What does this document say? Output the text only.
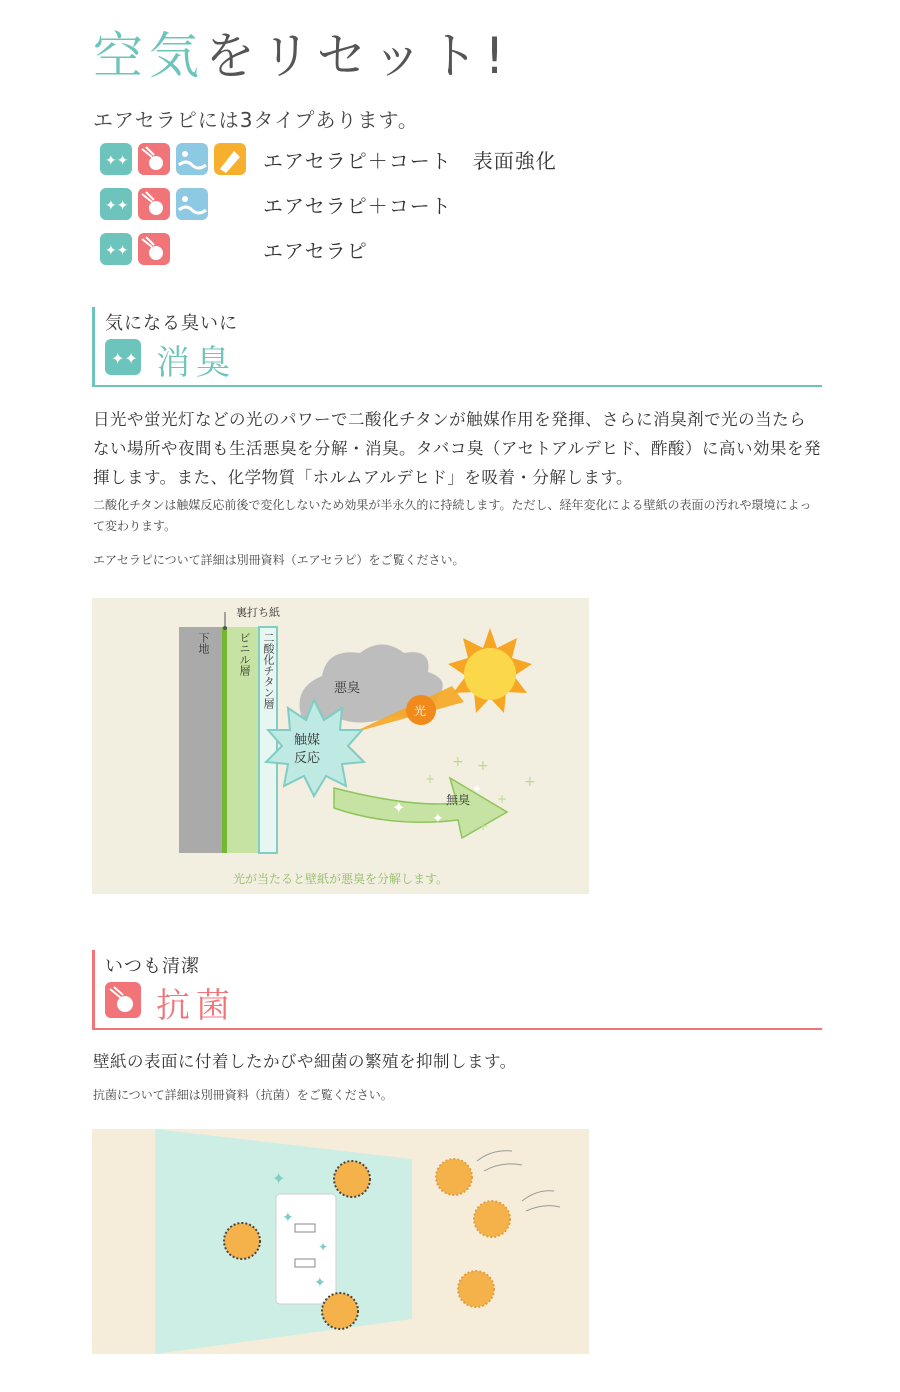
空気をリセット!
エアセラピには3タイプあります。
✦✦	エアセラピ＋コート　表面強化
✦✦	エアセラピ＋コート
✦✦	エアセラピ
気になる臭いに
✦✦ 消臭
日光や蛍光灯などの光のパワーで二酸化チタンが触媒作用を発揮、さらに消臭剤で光の当たらない場所や夜間も生活悪臭を分解・消臭。タバコ臭（アセトアルデヒド、酢酸）に高い効果を発揮します。また、化学物質「ホルムアルデヒド」を吸着・分解します。
二酸化チタンは触媒反応前後で変化しないため効果が半永久的に持続します。ただし、経年変化による壁紙の表面の汚れや環境によって変わります。
エアセラピについて詳細は別冊資料（エアセラピ）をご覧ください。
+ +
+
+
+
+
✦
✦
✦
裏打ち紙
下地	ビニル層 二酸化チタン層	悪臭
光
触媒反応
無臭
光が当たると壁紙が悪臭を分解します。
いつも清潔
抗菌
壁紙の表面に付着したかびや細菌の繁殖を抑制します。
抗菌について詳細は別冊資料（抗菌）をご覧ください。
✦
✦
✦
✦
